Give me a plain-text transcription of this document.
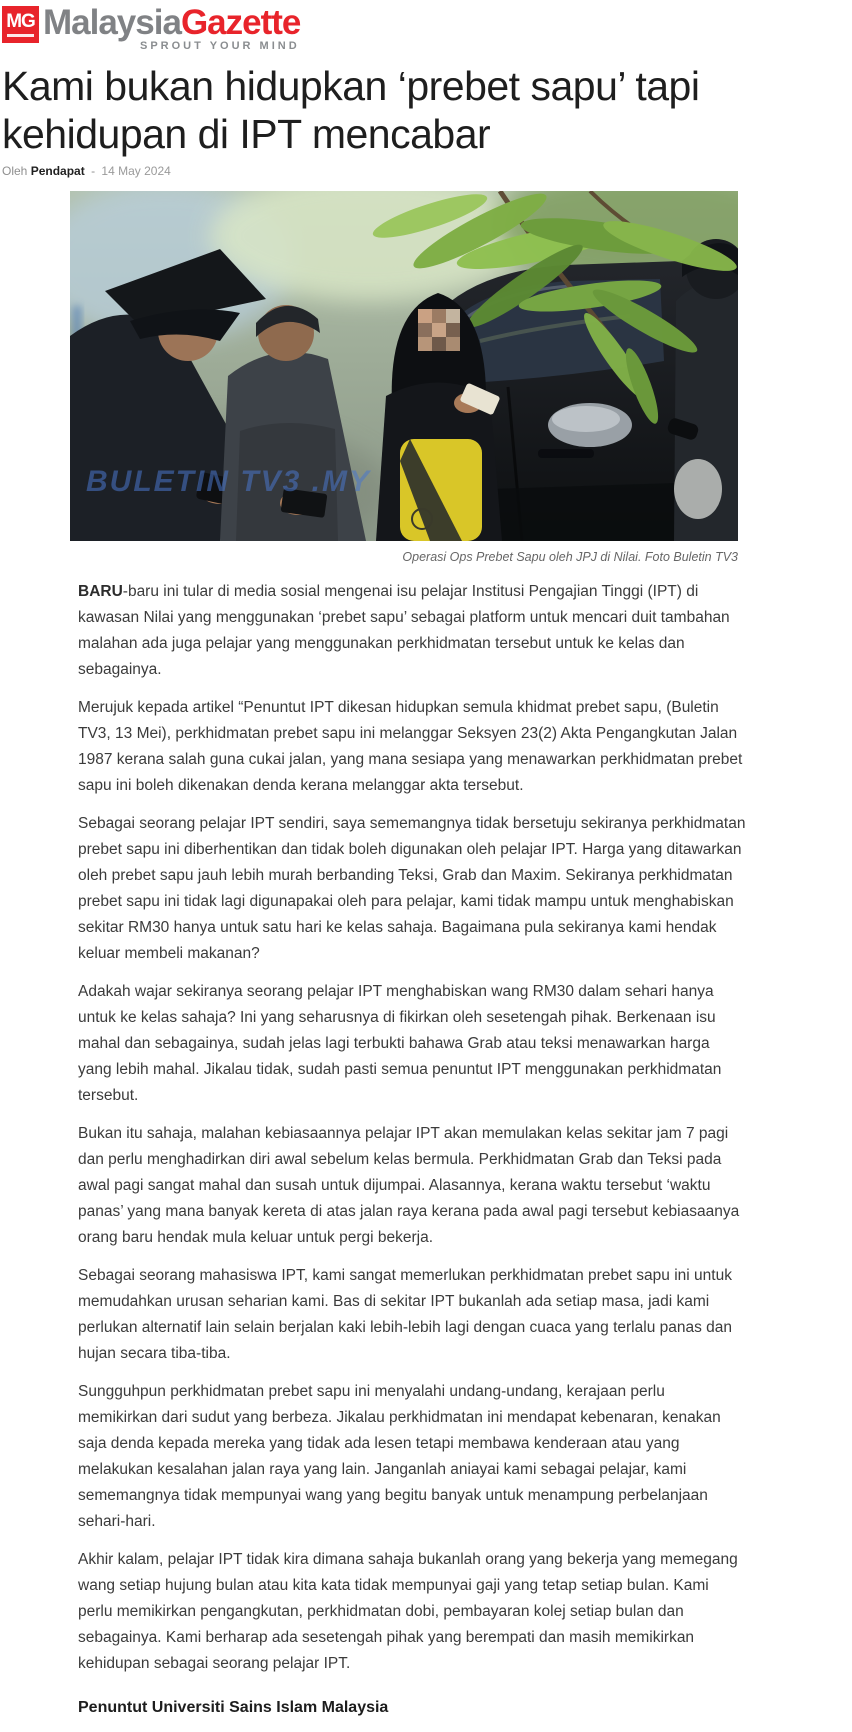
MG MalaysiaGazette
SPROUT YOUR MIND
Kami bukan hidupkan ‘prebet sapu’ tapi kehidupan di IPT mencabar
Oleh Pendapat - 14 May 2024
BULETIN TV3 .MY
Operasi Ops Prebet Sapu oleh JPJ di Nilai. Foto Buletin TV3

BARU-baru ini tular di media sosial mengenai isu pelajar Institusi Pengajian Tinggi (IPT) di kawasan Nilai yang menggunakan ‘prebet sapu’ sebagai platform untuk mencari duit tambahan malahan ada juga pelajar yang menggunakan perkhidmatan tersebut untuk ke kelas dan sebagainya.

Merujuk kepada artikel “Penuntut IPT dikesan hidupkan semula khidmat prebet sapu, (Buletin TV3, 13 Mei), perkhidmatan prebet sapu ini melanggar Seksyen 23(2) Akta Pengangkutan Jalan 1987 kerana salah guna cukai jalan, yang mana sesiapa yang menawarkan perkhidmatan prebet sapu ini boleh dikenakan denda kerana melanggar akta tersebut.

Sebagai seorang pelajar IPT sendiri, saya sememangnya tidak bersetuju sekiranya perkhidmatan prebet sapu ini diberhentikan dan tidak boleh digunakan oleh pelajar IPT. Harga yang ditawarkan oleh prebet sapu jauh lebih murah berbanding Teksi, Grab dan Maxim. Sekiranya perkhidmatan prebet sapu ini tidak lagi digunapakai oleh para pelajar, kami tidak mampu untuk menghabiskan sekitar RM30 hanya untuk satu hari ke kelas sahaja. Bagaimana pula sekiranya kami hendak keluar membeli makanan?

Adakah wajar sekiranya seorang pelajar IPT menghabiskan wang RM30 dalam sehari hanya untuk ke kelas sahaja? Ini yang seharusnya di fikirkan oleh sesetengah pihak. Berkenaan isu mahal dan sebagainya, sudah jelas lagi terbukti bahawa Grab atau teksi menawarkan harga yang lebih mahal. Jikalau tidak, sudah pasti semua penuntut IPT menggunakan perkhidmatan tersebut.

Bukan itu sahaja, malahan kebiasaannya pelajar IPT akan memulakan kelas sekitar jam 7 pagi dan perlu menghadirkan diri awal sebelum kelas bermula. Perkhidmatan Grab dan Teksi pada awal pagi sangat mahal dan susah untuk dijumpai. Alasannya, kerana waktu tersebut ‘waktu panas’ yang mana banyak kereta di atas jalan raya kerana pada awal pagi tersebut kebiasaanya orang baru hendak mula keluar untuk pergi bekerja.

Sebagai seorang mahasiswa IPT, kami sangat memerlukan perkhidmatan prebet sapu ini untuk memudahkan urusan seharian kami. Bas di sekitar IPT bukanlah ada setiap masa, jadi kami perlukan alternatif lain selain berjalan kaki lebih-lebih lagi dengan cuaca yang terlalu panas dan hujan secara tiba-tiba.

Sungguhpun perkhidmatan prebet sapu ini menyalahi undang-undang, kerajaan perlu memikirkan dari sudut yang berbeza. Jikalau perkhidmatan ini mendapat kebenaran, kenakan saja denda kepada mereka yang tidak ada lesen tetapi membawa kenderaan atau yang melakukan kesalahan jalan raya yang lain. Janganlah aniayai kami sebagai pelajar, kami sememangnya tidak mempunyai wang yang begitu banyak untuk menampung perbelanjaan sehari-hari.

Akhir kalam, pelajar IPT tidak kira dimana sahaja bukanlah orang yang bekerja yang memegang wang setiap hujung bulan atau kita kata tidak mempunyai gaji yang tetap setiap bulan. Kami perlu memikirkan pengangkutan, perkhidmatan dobi, pembayaran kolej setiap bulan dan sebagainya. Kami berharap ada sesetengah pihak yang berempati dan masih memikirkan kehidupan sebagai seorang pelajar IPT.

Penuntut Universiti Sains Islam Malaysia
